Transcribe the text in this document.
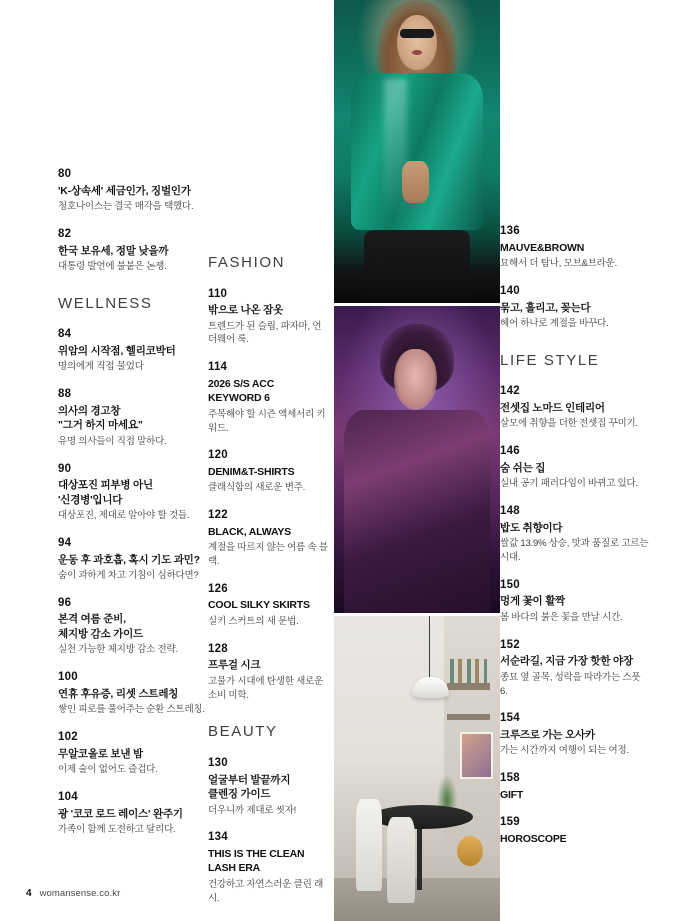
80
'K-상속세' 세금인가, 징벌인가
청호나이스는 결국 매각을 택했다.
82
한국 보유세, 정말 낮을까
대통령 발언에 불붙은 논쟁.
WELLNESS
84
위암의 시작점, 헬리코박터
명의에게 직접 물었다
88
의사의 경고창
"그거 하지 마세요"
유명 의사들이 직접 말하다.
90
대상포진 피부병 아닌
'신경병'입니다
대상포진, 제대로 알아야 할 것들.
94
운동 후 과호흡, 혹시 기도 과민?
숨이 과하게 차고 기침이 심하다면?
96
본격 여름 준비,
체지방 감소 가이드
실천 가능한 체지방 감소 전략.
100
연휴 후유증, 리셋 스트레칭
쌓인 피로를 풀어주는 순환 스트레칭.
102
무알코올로 보낸 밤
이제 술이 없어도 즐겁다.
104
광 '코코 로드 레이스' 완주기
가족이 함께 도전하고 달리다.
FASHION
110
밖으로 나온 잠옷
트렌드가 된 슬립, 파자마, 언더웨어 룩.
114
2026 S/S ACC
KEYWORD 6
주목해야 할 시즌 액세서리 키워드.
120
DENIM&T-SHIRTS
클래식함의 새로운 변주.
122
BLACK, ALWAYS
계절을 따르지 않는 여름 속 블랙.
126
COOL SILKY SKIRTS
실키 스커트의 새 문법.
128
프루걸 시크
고물가 시대에 탄생한 새로운 소비 미학.
BEAUTY
130
얼굴부터 발끝까지
클렌징 가이드
더우니까 제대로 씻자!
134
THIS IS THE CLEAN
LASH ERA
건강하고 자연스러운 클린 래시.
136
MAUVE&BROWN
묘해서 더 탐나, 모브&브라운.
140
묶고, 흘리고, 꽂는다
헤어 하나로 계절을 바꾸다.
LIFE STYLE
142
전셋집 노마드 인테리어
살모에 취향을 더한 전셋집 꾸미기.
146
숨 쉬는 집
실내 공기 패러다임이 바뀌고 있다.
148
밥도 취향이다
쌀값 13.9% 상승, 맛과 품질로 고르는 시대.
150
멍게 꽃이 활짝
봄 바다의 붉은 꽃을 만날 시간.
152
서순라길, 지금 가장 핫한 야장
종묘 옆 골목, 성락을 따라가는 스풋 6.
154
크루즈로 가는 오사카
가는 시간까지 여행이 되는 여정.
158
GIFT
159
HOROSCOPE
4 womansense.co.kr
